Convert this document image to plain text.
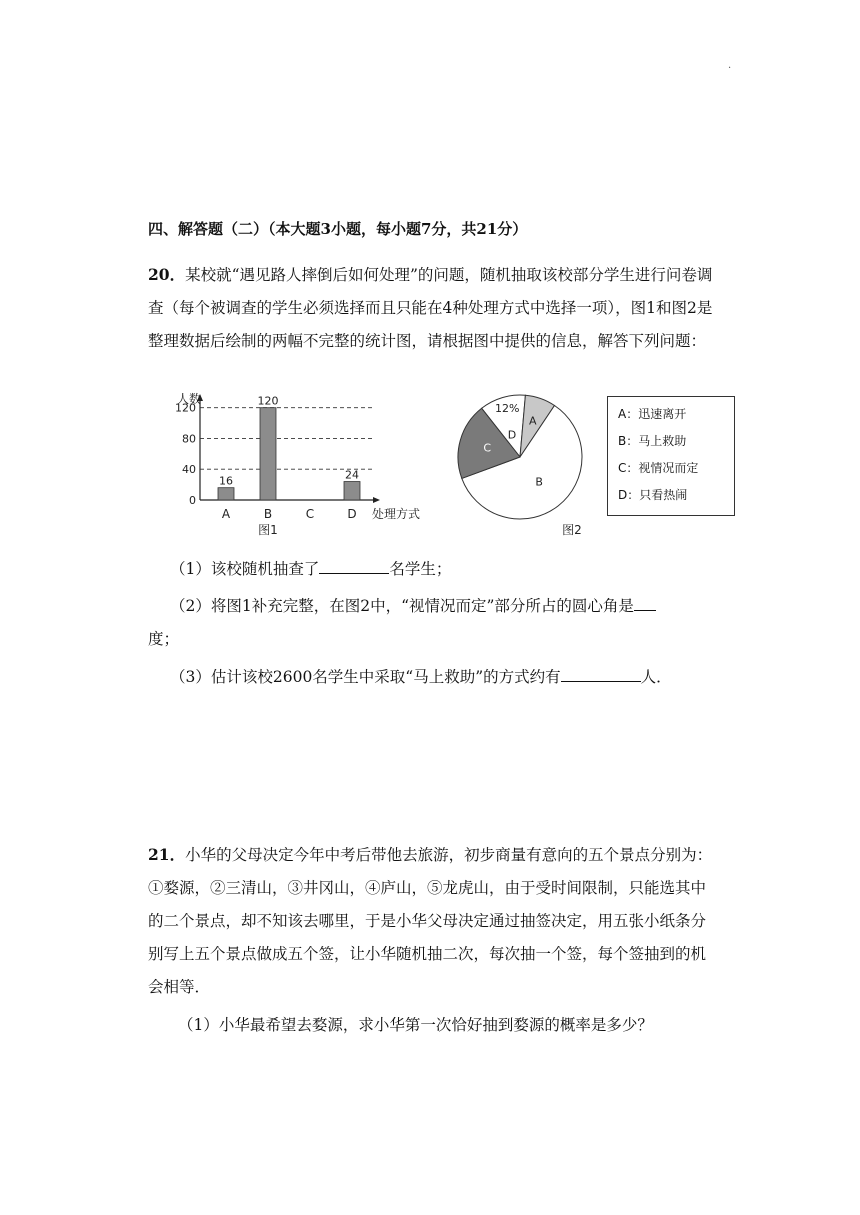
.
四、解答题（二）（本大题3小题，每小题7分，共21分）
20．某校就“遇见路人摔倒后如何处理”的问题，随机抽取该校部分学生进行问卷调查（每个被调查的学生必须选择而且只能在4种处理方式中选择一项），图1和图2是整理数据后绘制的两幅不完整的统计图，请根据图中提供的信息，解答下列问题：
人数
0
40
80
120
16
A
120
B	C
24
D 处理方式
图1
A
B
C
12%
D
图2
A：迅速离开
B：马上救助
C：视情况而定
D：只看热闹
（1）该校随机抽查了	名学生；
（2）将图1补充完整，在图2中，“视情况而定”部分所占的圆心角是
度；
（3）估计该校2600名学生中采取“马上救助”的方式约有	人．
21．小华的父母决定今年中考后带他去旅游，初步商量有意向的五个景点分别为：①婺源，②三清山，③井冈山，④庐山，⑤龙虎山，由于受时间限制，只能选其中的二个景点，却不知该去哪里，于是小华父母决定通过抽签决定，用五张小纸条分别写上五个景点做成五个签，让小华随机抽二次，每次抽一个签，每个签抽到的机会相等．
（1）小华最希望去婺源，求小华第一次恰好抽到婺源的概率是多少？
